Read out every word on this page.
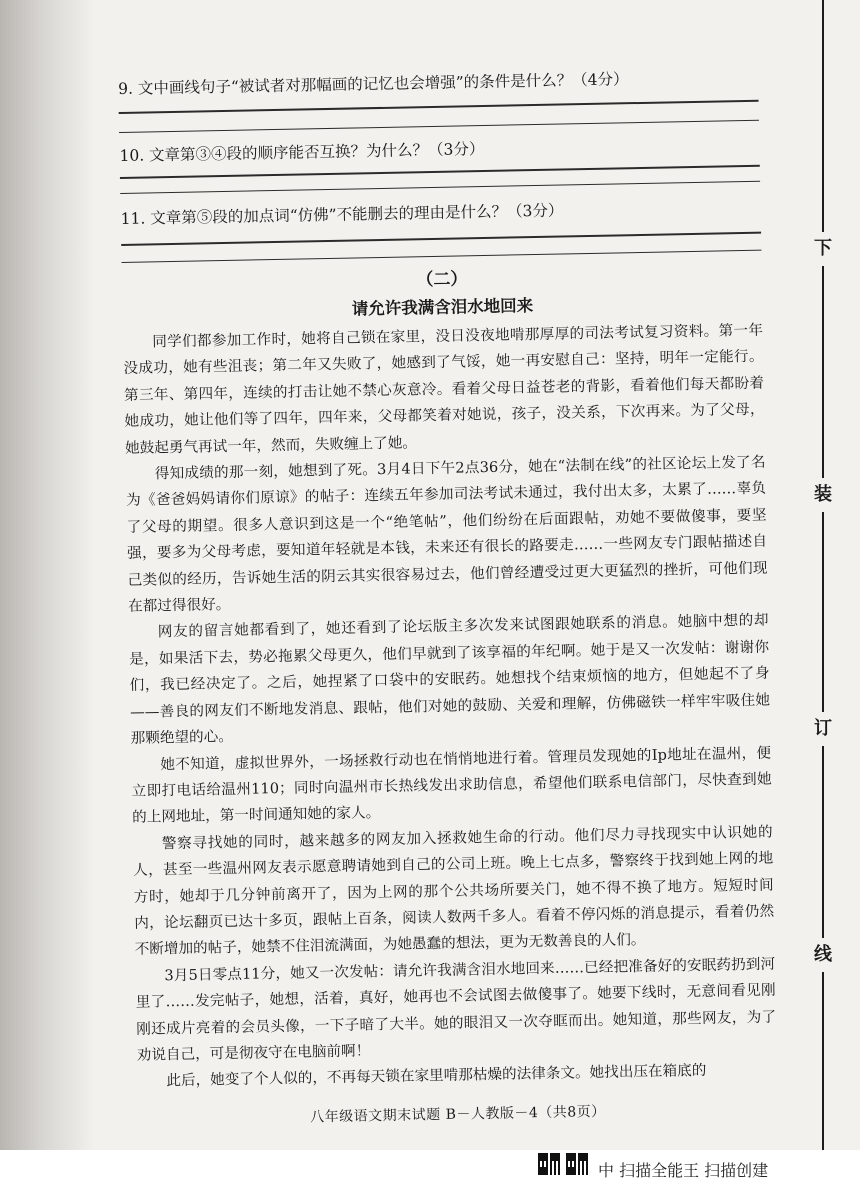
下
装
订
线

9. 文中画线句子“被试者对那幅画的记忆也会增强”的条件是什么？（4分）

10. 文章第③④段的顺序能否互换？为什么？（3分）

11. 文章第⑤段的加点词“仿佛”不能删去的理由是什么？（3分）

（二）
请允许我满含泪水地回来

同学们都参加工作时，她将自己锁在家里，没日没夜地啃那厚厚的司法考试复习资料。第一年没成功，她有些沮丧；第二年又失败了，她感到了气馁，她一再安慰自己：坚持，明年一定能行。第三年、第四年，连续的打击让她不禁心灰意冷。看着父母日益苍老的背影，看着他们每天都盼着她成功，她让他们等了四年，四年来，父母都笑着对她说，孩子，没关系，下次再来。为了父母，她鼓起勇气再试一年，然而，失败缠上了她。

得知成绩的那一刻，她想到了死。3月4日下午2点36分，她在“法制在线”的社区论坛上发了名为《爸爸妈妈请你们原谅》的帖子：连续五年参加司法考试未通过，我付出太多，太累了……辜负了父母的期望。很多人意识到这是一个“绝笔帖”，他们纷纷在后面跟帖，劝她不要做傻事，要坚强，要多为父母考虑，要知道年轻就是本钱，未来还有很长的路要走……一些网友专门跟帖描述自己类似的经历，告诉她生活的阴云其实很容易过去，他们曾经遭受过更大更猛烈的挫折，可他们现在都过得很好。

网友的留言她都看到了，她还看到了论坛版主多次发来试图跟她联系的消息。她脑中想的却是，如果活下去，势必拖累父母更久，他们早就到了该享福的年纪啊。她于是又一次发帖：谢谢你们，我已经决定了。之后，她捏紧了口袋中的安眠药。她想找个结束烦恼的地方，但她起不了身——善良的网友们不断地发消息、跟帖，他们对她的鼓励、关爱和理解，仿佛磁铁一样牢牢吸住她那颗绝望的心。

她不知道，虚拟世界外，一场拯救行动也在悄悄地进行着。管理员发现她的Ip地址在温州，便立即打电话给温州110；同时向温州市长热线发出求助信息，希望他们联系电信部门，尽快查到她的上网地址，第一时间通知她的家人。

警察寻找她的同时，越来越多的网友加入拯救她生命的行动。他们尽力寻找现实中认识她的人，甚至一些温州网友表示愿意聘请她到自己的公司上班。晚上七点多，警察终于找到她上网的地方时，她却于几分钟前离开了，因为上网的那个公共场所要关门，她不得不换了地方。短短时间内，论坛翻页已达十多页，跟帖上百条，阅读人数两千多人。看着不停闪烁的消息提示，看着仍然不断增加的帖子，她禁不住泪流满面，为她愚蠢的想法，更为无数善良的人们。

3月5日零点11分，她又一次发帖：请允许我满含泪水地回来……已经把准备好的安眠药扔到河里了……发完帖子，她想，活着，真好，她再也不会试图去做傻事了。她要下线时，无意间看见刚刚还成片亮着的会员头像，一下子暗了大半。她的眼泪又一次夺眶而出。她知道，那些网友，为了劝说自己，可是彻夜守在电脑前啊！

此后，她变了个人似的，不再每天锁在家里啃那枯燥的法律条文。她找出压在箱底的

八年级语文期末试题 B－人教版－4（共8页）
中 扫描全能王 扫描创建
